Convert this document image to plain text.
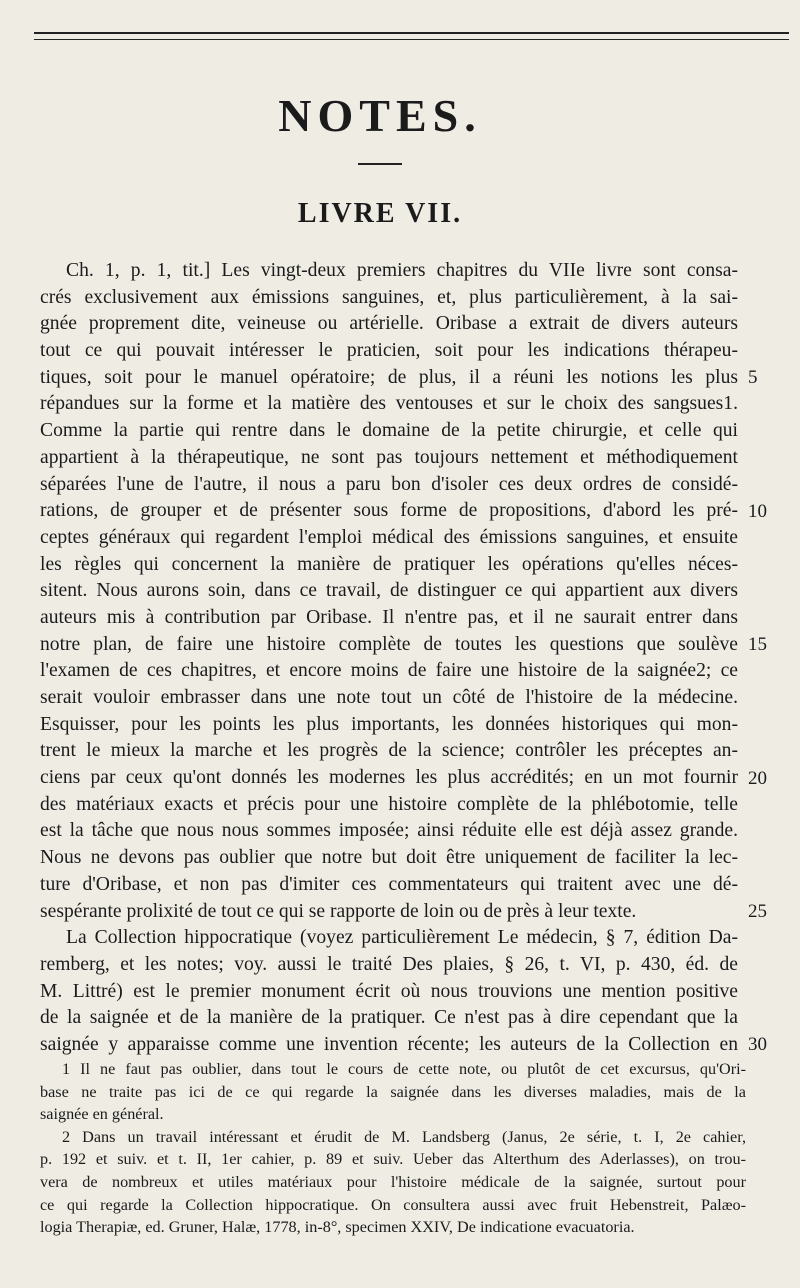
NOTES.
LIVRE VII.
Ch. 1, p. 1, tit.] Les vingt-deux premiers chapitres du VIIe livre sont consa-
crés exclusivement aux émissions sanguines, et, plus particulièrement, à la sai-
gnée proprement dite, veineuse ou artérielle. Oribase a extrait de divers auteurs
tout ce qui pouvait intéresser le praticien, soit pour les indications thérapeu-
tiques, soit pour le manuel opératoire; de plus, il a réuni les notions les plus
répandues sur la forme et la matière des ventouses et sur le choix des sangsues1.
Comme la partie qui rentre dans le domaine de la petite chirurgie, et celle qui
appartient à la thérapeutique, ne sont pas toujours nettement et méthodiquement
séparées l'une de l'autre, il nous a paru bon d'isoler ces deux ordres de considé-
rations, de grouper et de présenter sous forme de propositions, d'abord les pré-
ceptes généraux qui regardent l'emploi médical des émissions sanguines, et ensuite
les règles qui concernent la manière de pratiquer les opérations qu'elles néces-
sitent. Nous aurons soin, dans ce travail, de distinguer ce qui appartient aux divers
auteurs mis à contribution par Oribase. Il n'entre pas, et il ne saurait entrer dans
notre plan, de faire une histoire complète de toutes les questions que soulève
l'examen de ces chapitres, et encore moins de faire une histoire de la saignée2; ce
serait vouloir embrasser dans une note tout un côté de l'histoire de la médecine.
Esquisser, pour les points les plus importants, les données historiques qui mon-
trent le mieux la marche et les progrès de la science; contrôler les préceptes an-
ciens par ceux qu'ont donnés les modernes les plus accrédités; en un mot fournir
des matériaux exacts et précis pour une histoire complète de la phlébotomie, telle
est la tâche que nous nous sommes imposée; ainsi réduite elle est déjà assez grande.
Nous ne devons pas oublier que notre but doit être uniquement de faciliter la lec-
ture d'Oribase, et non pas d'imiter ces commentateurs qui traitent avec une dé-
sespérante prolixité de tout ce qui se rapporte de loin ou de près à leur texte.
La Collection hippocratique (voyez particulièrement Le médecin, § 7, édition Da-
remberg, et les notes; voy. aussi le traité Des plaies, § 26, t. VI, p. 430, éd. de
M. Littré) est le premier monument écrit où nous trouvions une mention positive
de la saignée et de la manière de la pratiquer. Ce n'est pas à dire cependant que la
saignée y apparaisse comme une invention récente; les auteurs de la Collection en
5
10
15
20
25
30
1 Il ne faut pas oublier, dans tout le cours de cette note, ou plutôt de cet excursus, qu'Ori-
base ne traite pas ici de ce qui regarde la saignée dans les diverses maladies, mais de la
saignée en général.
2 Dans un travail intéressant et érudit de M. Landsberg (Janus, 2e série, t. I, 2e cahier,
p. 192 et suiv. et t. II, 1er cahier, p. 89 et suiv. Ueber das Alterthum des Aderlasses), on trou-
vera de nombreux et utiles matériaux pour l'histoire médicale de la saignée, surtout pour
ce qui regarde la Collection hippocratique. On consultera aussi avec fruit Hebenstreit, Palæo-
logia Therapiæ, ed. Gruner, Halæ, 1778, in-8°, specimen XXIV, De indicatione evacuatoria.
